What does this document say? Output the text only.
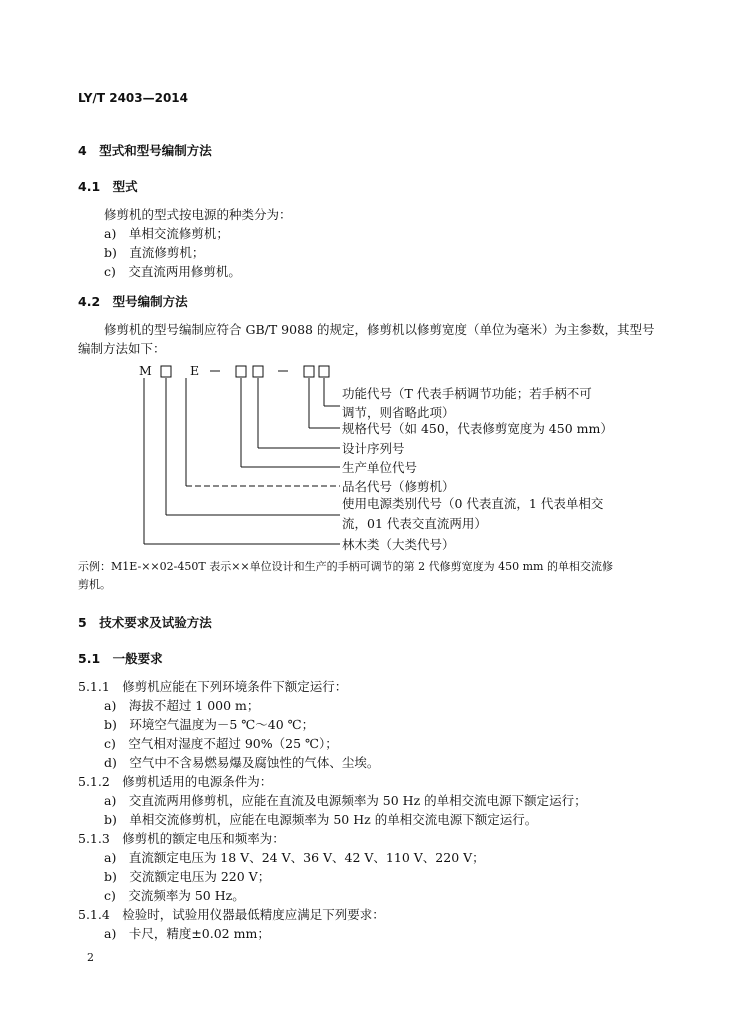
LY/T 2403—2014
4　型式和型号编制方法
4.1　型式
修剪机的型式按电源的种类分为：
a)　单相交流修剪机；
b)　直流修剪机；
c)　交直流两用修剪机。
4.2　型号编制方法
修剪机的型号编制应符合 GB/T 9088 的规定，修剪机以修剪宽度（单位为毫米）为主参数，其型号
编制方法如下：
M	E
功能代号（T 代表手柄调节功能；若手柄不可
调节，则省略此项）
规格代号（如 450，代表修剪宽度为 450 mm）
设计序列号
生产单位代号
品名代号（修剪机）
使用电源类别代号（0 代表直流，1 代表单相交
流，01 代表交直流两用）
林木类（大类代号）
示例：M1E-××02-450T 表示××单位设计和生产的手柄可调节的第 2 代修剪宽度为 450 mm 的单相交流修
剪机。
5　技术要求及试验方法
5.1　一般要求
5.1.1　修剪机应能在下列环境条件下额定运行：
a)　海拔不超过 1 000 m；
b)　环境空气温度为－5 ℃～40 ℃；
c)　空气相对湿度不超过 90%（25 ℃）；
d)　空气中不含易燃易爆及腐蚀性的气体、尘埃。
5.1.2　修剪机适用的电源条件为：
a)　交直流两用修剪机，应能在直流及电源频率为 50 Hz 的单相交流电源下额定运行；
b)　单相交流修剪机，应能在电源频率为 50 Hz 的单相交流电源下额定运行。
5.1.3　修剪机的额定电压和频率为：
a)　直流额定电压为 18 V、24 V、36 V、42 V、110 V、220 V；
b)　交流额定电压为 220 V；
c)　交流频率为 50 Hz。
5.1.4　检验时，试验用仪器最低精度应满足下列要求：
a)　卡尺，精度±0.02 mm；
2
